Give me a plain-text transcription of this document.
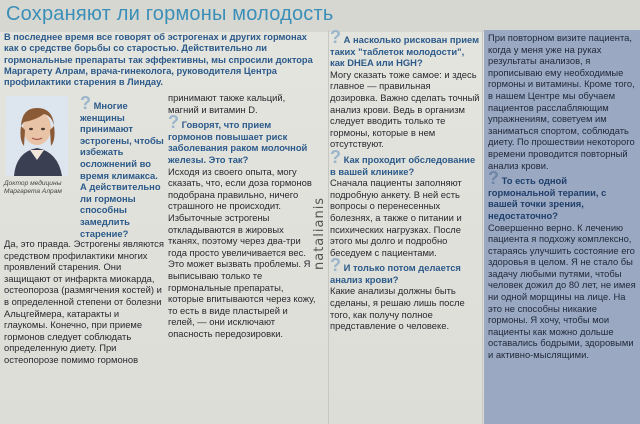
Сохраняют ли гормоны молодость
В последнее время все говорят об эстрогенах и других гормонах как о средстве борьбы со старостью. Действительно ли гормональные препараты так эффективны, мы спросили доктора Маргарету Алрам, врача-гинеколога, руководителя Центра профилактики старения в Линдау.
Доктор медицины Маргарета Алрам
? Многие женщины принимают эстрогены, чтобы избежать осложнений во время климакса. А действительно ли гормоны способны замедлить старение?
Да, это правда. Эстрогены являются средством профилактики многих проявлений старения. Они защищают от инфаркта миокарда, остеопороза (размягчения костей) и в определенной степени от болезни Альцгеймера, катаракты и глаукомы. Конечно, при приеме гормонов следует соблюдать определенную диету. При остеопорозе помимо гормонов

принимают также кальций, магний и витамин D.

? Говорят, что прием гормонов повышает риск заболевания раком молочной железы. Это так?

Исходя из своего опыта, могу сказать, что, если доза гормонов подобрана правильно, ничего страшного не происходит. Избыточные эстрогены откладываются в жировых тканях, поэтому через два-три года просто увеличивается вес. Это может вызвать проблемы. Я выписываю только те гормональные препараты, которые впитываются через кожу, то есть в виде пластырей и гелей, — они исключают опасность передозировки.

natalianis

? А насколько рискован прием таких "таблеток молодости", как DHEA или HGH?

Могу сказать тоже самое: и здесь главное — правильная дозировка. Важно сделать точный анализ крови. Ведь в организм следует вводить только те гормоны, которые в нем отсутствуют.

? Как проходит обследование в вашей клинике?

Сначала пациенты заполняют подробную анкету. В ней есть вопросы о перенесенных болезнях, а также о питании и психических нагрузках. После этого мы долго и подробно беседуем с пациентами.

? И только потом делается анализ крови?

Какие анализы должны быть сделаны, я решаю лишь после того, как получу полное представление о человеке.

При повторном визите пациента, когда у меня уже на руках результаты анализов, я прописываю ему необходимые гормоны и витамины. Кроме того, в нашем Центре мы обучаем пациентов расслабляющим упражнениям, советуем им заниматься спортом, соблюдать диету. По прошествии некоторого времени проводится повторный анализ крови.

? То есть одной гормональной терапии, с вашей точки зрения, недостаточно?

Совершенно верно. К лечению пациента я подхожу комплексно, стараясь улучшить состояние его здоровья в целом. Я не стало бы задачу любыми путями, чтобы человек дожил до 80 лет, не имея ни одной морщины на лице. На это не способны никакие гормоны. Я хочу, чтобы мои пациенты как можно дольше оставались бодрыми, здоровыми и активно-мыслящими.
